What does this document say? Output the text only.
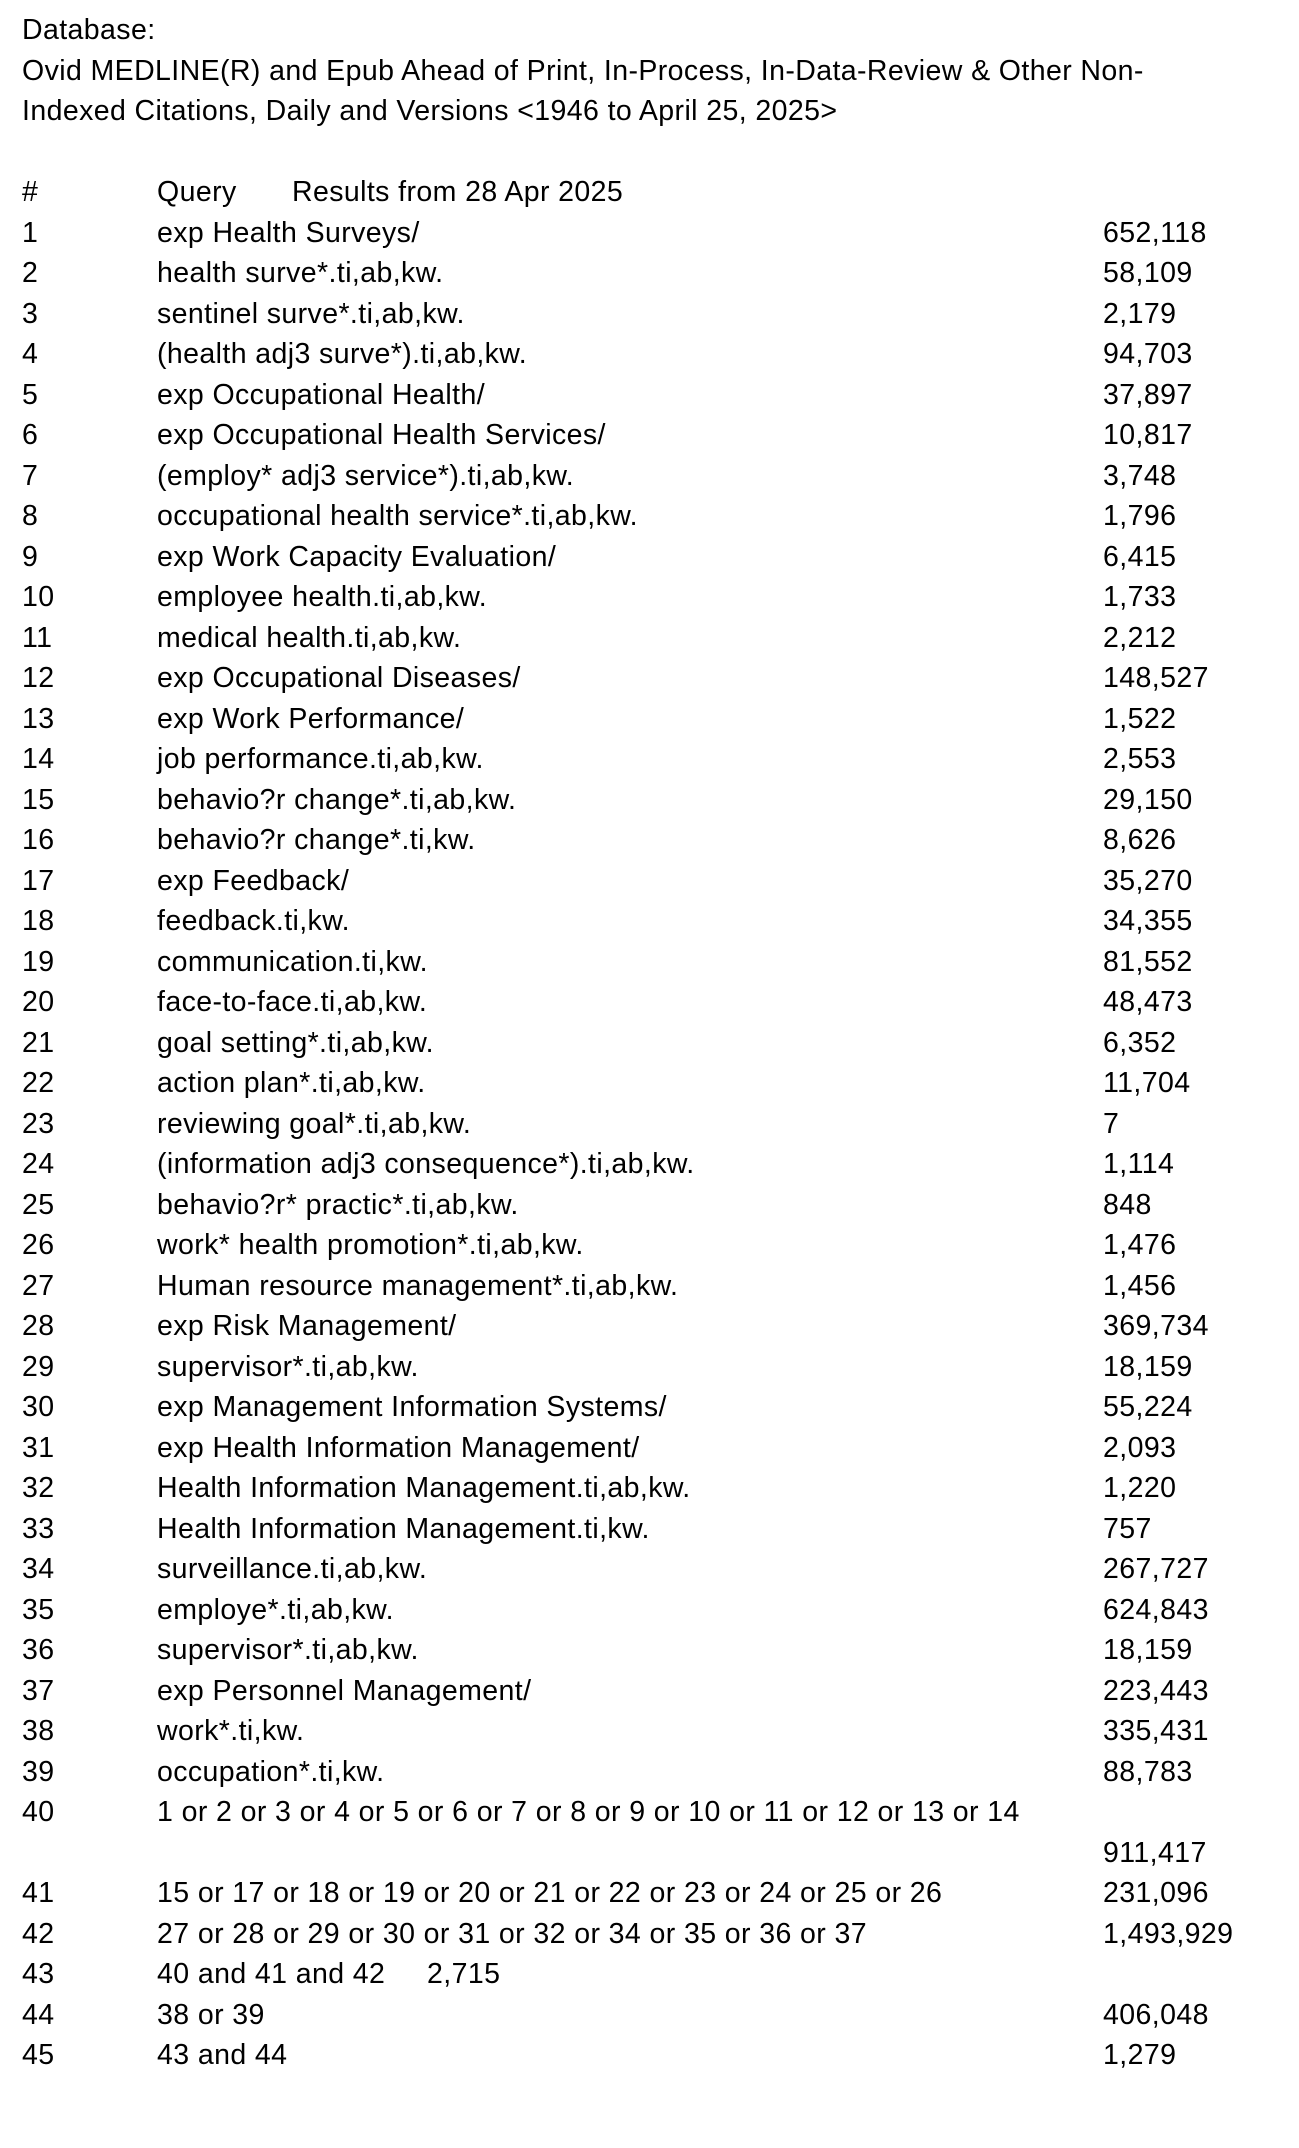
Database:
Ovid MEDLINE(R) and Epub Ahead of Print, In-Process, In-Data-Review & Other Non-
Indexed Citations, Daily and Versions <1946 to April 25, 2025>
#	Query Results from 28 Apr 2025
1	exp Health Surveys/	652,118
2	health surve*.ti,ab,kw.	58,109
3	sentinel surve*.ti,ab,kw.	2,179
4	(health adj3 surve*).ti,ab,kw.	94,703
5	exp Occupational Health/	37,897
6	exp Occupational Health Services/	10,817
7	(employ* adj3 service*).ti,ab,kw.	3,748
8	occupational health service*.ti,ab,kw.	1,796
9	exp Work Capacity Evaluation/	6,415
10	employee health.ti,ab,kw.	1,733
11	medical health.ti,ab,kw.	2,212
12	exp Occupational Diseases/	148,527
13	exp Work Performance/	1,522
14	job performance.ti,ab,kw.	2,553
15	behavio?r change*.ti,ab,kw.	29,150
16	behavio?r change*.ti,kw.	8,626
17	exp Feedback/	35,270
18	feedback.ti,kw.	34,355
19	communication.ti,kw.	81,552
20	face-to-face.ti,ab,kw.	48,473
21	goal setting*.ti,ab,kw.	6,352
22	action plan*.ti,ab,kw.	11,704
23	reviewing goal*.ti,ab,kw.	7
24	(information adj3 consequence*).ti,ab,kw.	1,114
25	behavio?r* practic*.ti,ab,kw.	848
26	work* health promotion*.ti,ab,kw.	1,476
27	Human resource management*.ti,ab,kw.	1,456
28	exp Risk Management/	369,734
29	supervisor*.ti,ab,kw.	18,159
30	exp Management Information Systems/	55,224
31	exp Health Information Management/	2,093
32	Health Information Management.ti,ab,kw.	1,220
33	Health Information Management.ti,kw.	757
34	surveillance.ti,ab,kw.	267,727
35	employe*.ti,ab,kw.	624,843
36	supervisor*.ti,ab,kw.	18,159
37	exp Personnel Management/	223,443
38	work*.ti,kw.	335,431
39	occupation*.ti,kw.	88,783
40	1 or 2 or 3 or 4 or 5 or 6 or 7 or 8 or 9 or 10 or 11 or 12 or 13 or 14
911,417
41	15 or 17 or 18 or 19 or 20 or 21 or 22 or 23 or 24 or 25 or 26	231,096
42	27 or 28 or 29 or 30 or 31 or 32 or 34 or 35 or 36 or 37	1,493,929
43	40 and 41 and 42 2,715
44	38 or 39	406,048
45	43 and 44	1,279
